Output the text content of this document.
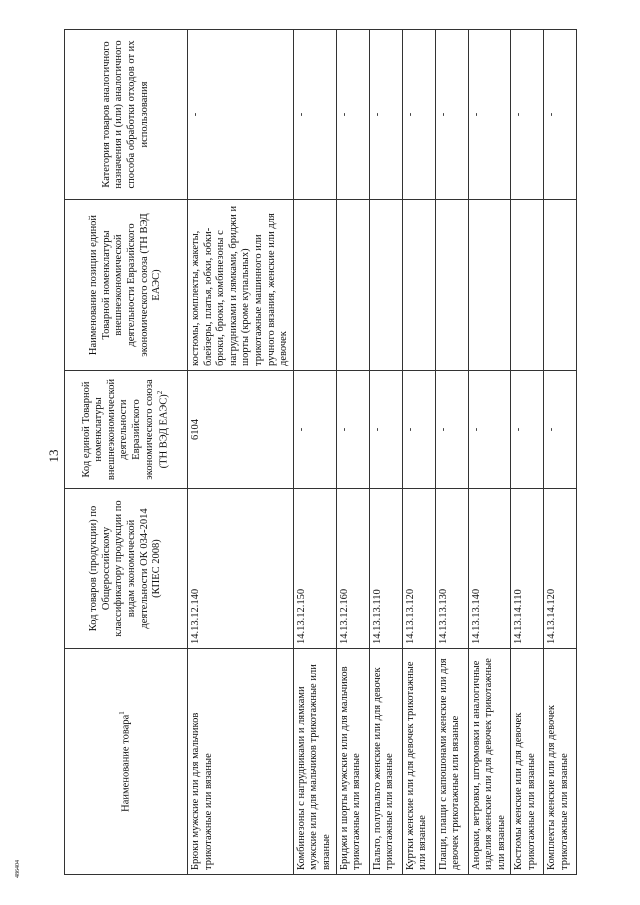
13
486404
Наименование товара$^1$	Код товаров (продукции) по Общероссийскому классификатору продукции по видам экономической деятельности ОК 034-2014 (КПЕС 2008)	Код единой Товарной номенклатуры внешнеэкономической деятельности Евразийского экономического союза (ТН ВЭД ЕАЭС)$^2$	Наименование позиции единой Товарной номенклатуры внешнеэкономической деятельности Евразийского экономического союза (ТН ВЭД ЕАЭС)	Категория товаров аналогичного назначения и (или) аналогичного способа обработки отходов от их использования
Брюки мужские или для мальчиков трикотажные или вязаные	14.13.12.140	6104	костюмы, комплекты, жакеты, блейзеры, платья, юбки, юбки-брюки, брюки, комбинезоны с нагрудниками и лямками, бриджи и шорты (кроме купальных) трикотажные машинного или ручного вязания, женские или для девочек	-
Комбинезоны с нагрудниками и лямками мужские или для мальчиков трикотажные или вязаные	14.13.12.150	-		-
Бриджи и шорты мужские или для мальчиков трикотажные или вязаные	14.13.12.160	-		-
Пальто, полупальто женские или для девочек трикотажные или вязаные	14.13.13.110	-		-
Куртки женские или для девочек трикотажные или вязаные	14.13.13.120	-		-
Плащи, плащи с капюшонами женские или для девочек трикотажные или вязаные	14.13.13.130	-		-
Анораки, ветровки, штормовки и аналогичные изделия женские или для девочек трикотажные или вязаные	14.13.13.140	-		-
Костюмы женские или для девочек трикотажные или вязаные	14.13.14.110	-		-
Комплекты женские или для девочек трикотажные или вязаные	14.13.14.120	-		-
